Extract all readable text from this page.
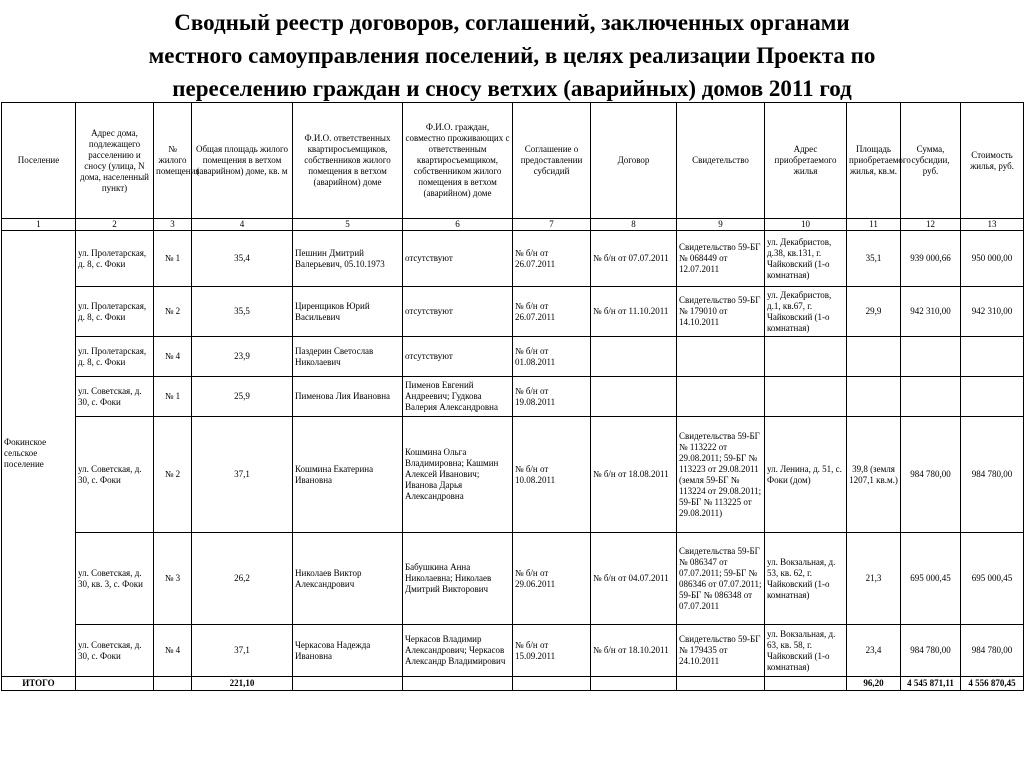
Сводный реестр договоров, соглашений, заключенных органами
местного самоуправления поселений, в целях реализации Проекта по
переселению граждан и сносу ветхих (аварийных) домов 2011 год
Поселение	Адрес дома, подлежащего расселению и сносу (улица, N дома, населенный пункт)	№ жилого помещения	Общая площадь жилого помещения в ветхом (аварийном) доме, кв. м	Ф.И.О. ответственных квартиросъемщиков, собственников жилого помещения в ветхом (аварийном) доме	Ф.И.О. граждан, совместно проживающих с ответственным квартиросъемщиком, собственником жилого помещения в ветхом (аварийном) доме	Соглашение о предоставлении субсидий	Договор	Свидетельство	Адрес приобретаемого жилья	Площадь приобретаемого жилья, кв.м.	Сумма, субсидии, руб.	Стоимость жилья, руб.
1	2	3	4	5	6	7	8	9	10	11	12	13
Фокинское сельское поселение	ул. Пролетарская, д. 8, с. Фоки	№ 1	35,4	Пешнин Дмитрий Валерьевич, 05.10.1973	отсутствуют	№ б/н от 26.07.2011	№ б/н от 07.07.2011	Свидетельство 59-БГ № 068449 от 12.07.2011	ул. Декабристов, д.38, кв.131, г. Чайковский (1-о комнатная)	35,1	939 000,66	950 000,00
	ул. Пролетарская, д. 8, с. Фоки	№ 2	35,5	Циренщиков Юрий Васильевич	отсутствуют	№ б/н от 26.07.2011	№ б/н от 11.10.2011	Свидетельство 59-БГ № 179010 от 14.10.2011	ул. Декабристов, д.1, кв.67, г. Чайковский (1-о комнатная)	29,9	942 310,00	942 310,00
	ул. Пролетарская, д. 8, с. Фоки	№ 4	23,9	Паздерин Светослав Николаевич	отсутствуют	№ б/н от 01.08.2011						
	ул. Советская, д. 30, с. Фоки	№ 1	25,9	Пименова Лия Ивановна	Пименов Евгений Андреевич; Гудкова Валерия Александровна	№ б/н от 19.08.2011						
	ул. Советская, д. 30, с. Фоки	№ 2	37,1	Кошмина Екатерина Ивановна	Кошмина Ольга Владимировна; Кашмин Алексей Иванович; Иванова Дарья Александровна	№ б/н от 10.08.2011	№ б/н от 18.08.2011	Свидетельства 59-БГ № 113222 от 29.08.2011; 59-БГ № 113223 от 29.08.2011 (земля 59-БГ № 113224 от 29.08.2011; 59-БГ № 113225 от 29.08.2011)	ул. Ленина, д. 51, с. Фоки (дом)	39,8 (земля 1207,1 кв.м.)	984 780,00	984 780,00
	ул. Советская, д. 30, кв. 3, с. Фоки	№ 3	26,2	Николаев Виктор Александрович	Бабушкина Анна Николаевна; Николаев Дмитрий Викторович	№ б/н от 29.06.2011	№ б/н от 04.07.2011	Свидетельства 59-БГ № 086347 от 07.07.2011; 59-БГ № 086346 от 07.07.2011; 59-БГ № 086348 от 07.07.2011	ул. Вокзальная, д. 53, кв. 62, г. Чайковский (1-о комнатная)	21,3	695 000,45	695 000,45
	ул. Советская, д. 30, с. Фоки	№ 4	37,1	Черкасова Надежда Ивановна	Черкасов Владимир Александрович; Черкасов Александр Владимирович	№ б/н от 15.09.2011	№ б/н от 18.10.2011	Свидетельство 59-БГ № 179435 от 24.10.2011	ул. Вокзальная, д. 63, кв. 58, г. Чайковский (1-о комнатная)	23,4	984 780,00	984 780,00
ИТОГО			221,10							96,20	4 545 871,11	4 556 870,45
